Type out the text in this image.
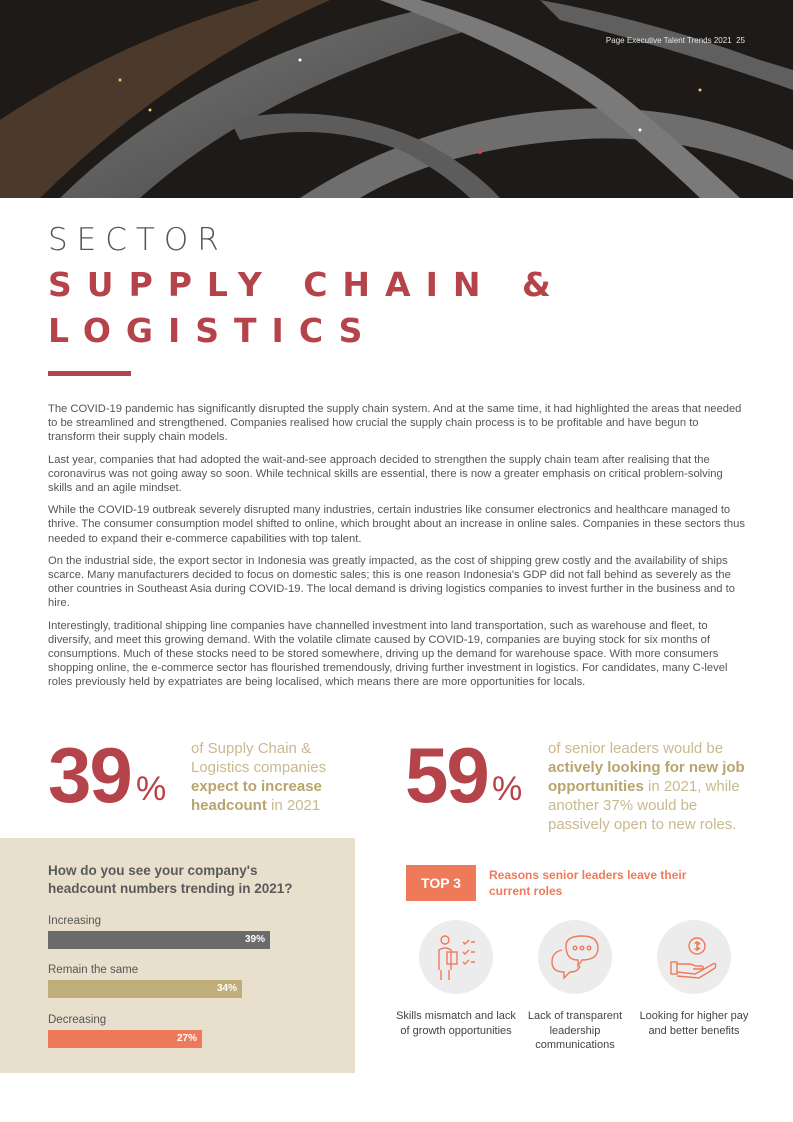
Page Executive Talent Trends 2021 25
SECTOR
SUPPLY CHAIN &
LOGISTICS

The COVID-19 pandemic has significantly disrupted the supply chain system. And at the same time, it had highlighted the areas that needed to be streamlined and strengthened. Companies realised how crucial the supply chain process is to be profitable and have begun to transform their supply chain models.

Last year, companies that had adopted the wait-and-see approach decided to strengthen the supply chain team after realising that the coronavirus was not going away so soon. While technical skills are essential, there is now a greater emphasis on critical problem-solving skills and an agile mindset.

While the COVID-19 outbreak severely disrupted many industries, certain industries like consumer electronics and healthcare managed to thrive. The consumer consumption model shifted to online, which brought about an increase in online sales. Companies in these sectors thus needed to expand their e-commerce capabilities with top talent.

On the industrial side, the export sector in Indonesia was greatly impacted, as the cost of shipping grew costly and the availability of ships scarce. Many manufacturers decided to focus on domestic sales; this is one reason Indonesia's GDP did not fall behind as severely as the other countries in Southeast Asia during COVID-19. The local demand is driving logistics companies to invest further in the business and to hire.

Interestingly, traditional shipping line companies have channelled investment into land transportation, such as warehouse and fleet, to diversify, and meet this growing demand. With the volatile climate caused by COVID-19, companies are buying stock for six months of consumptions. Much of these stocks need to be stored somewhere, driving up the demand for warehouse space. With more consumers shopping online, the e-commerce sector has flourished tremendously, driving further investment in logistics. For candidates, many C-level roles previously held by expatriates are being localised, which means there are more opportunities for locals.

39 %
of Supply Chain & Logistics companies expect to increase headcount in 2021	59 %
of senior leaders would be actively looking for new job opportunities in 2021, while another 37% would be passively open to new roles.
How do you see your company's headcount numbers trending in 2021?
Increasing
39%
Remain the same
34%
Decreasing
27%
TOP 3	Reasons senior leaders leave their current roles
Skills mismatch and lack of growth opportunities
Lack of transparent leadership communications
Looking for higher pay and better benefits
